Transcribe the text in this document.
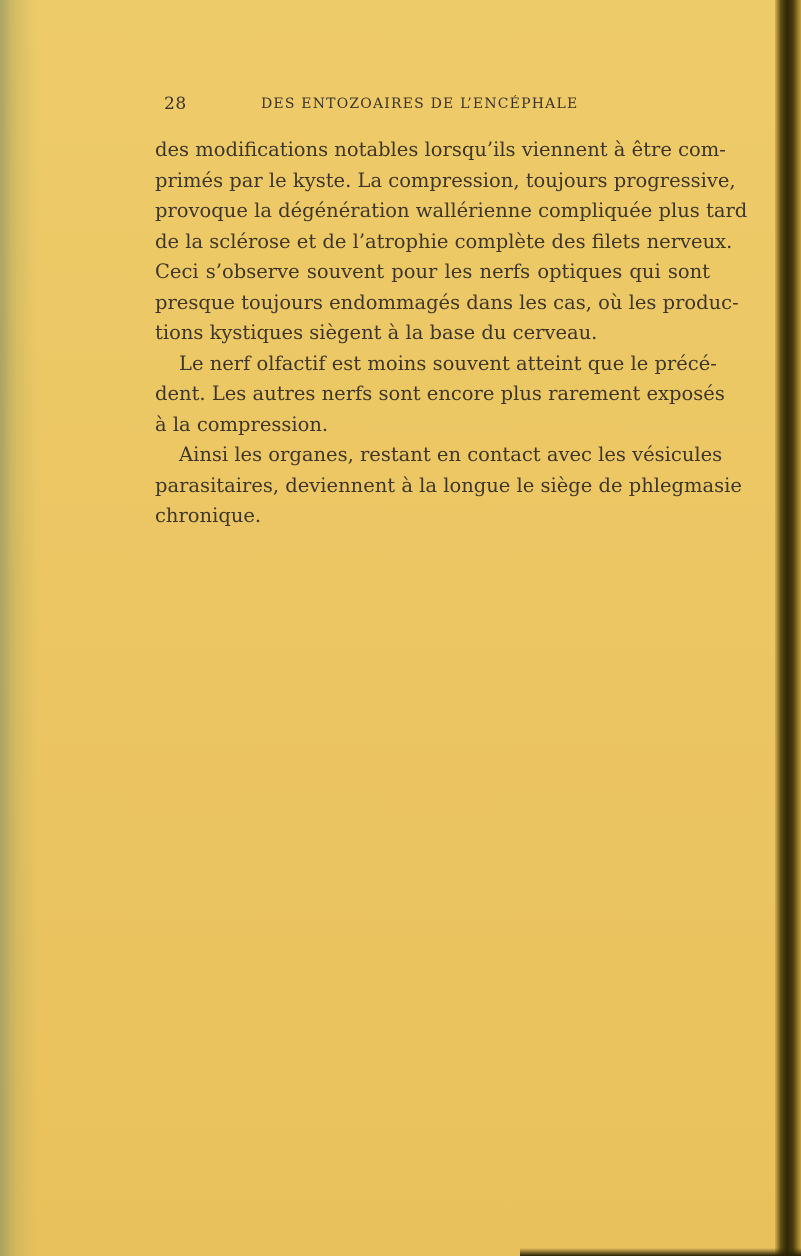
28	DES ENTOZOAIRES DE L’ENCÉPHALE
des modifications notables lorsqu’ils viennent à être com-
primés par le kyste. La compression, toujours progressive,
provoque la dégénération wallérienne compliquée plus tard
de la sclérose et de l’atrophie complète des filets nerveux.
Ceci s’observe souvent pour les nerfs optiques qui sont
presque toujours endommagés dans les cas, où les produc-
tions kystiques siègent à la base du cerveau.
Le nerf olfactif est moins souvent atteint que le précé-
dent. Les autres nerfs sont encore plus rarement exposés
à la compression.
Ainsi les organes, restant en contact avec les vésicules
parasitaires, deviennent à la longue le siège de phlegmasie
chronique.
